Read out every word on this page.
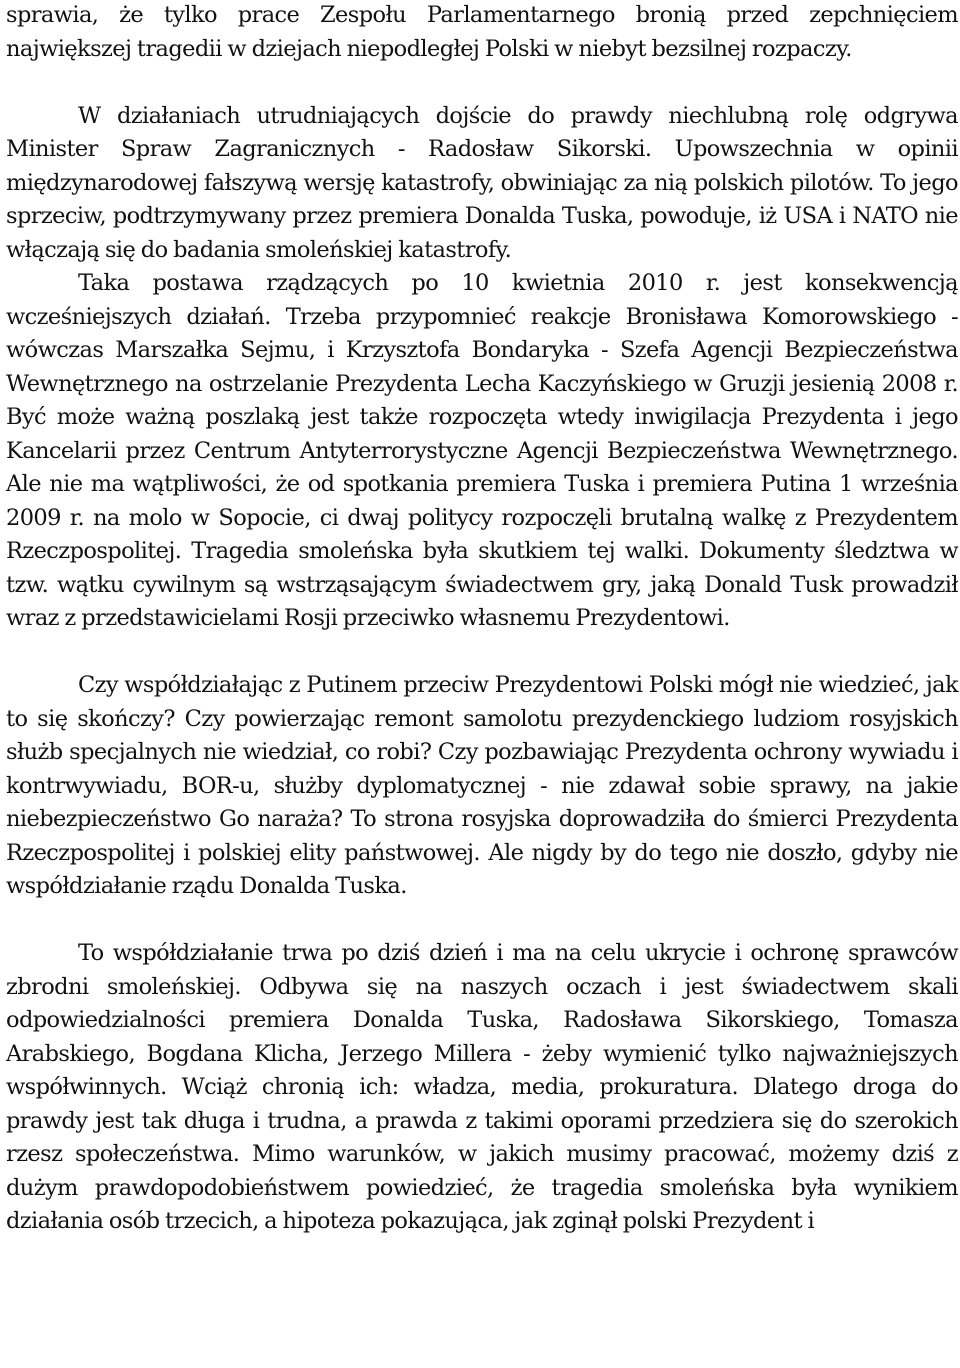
sprawia, że tylko prace Zespołu Parlamentarnego bronią przed zepchnięciem największej tragedii w dziejach niepodległej Polski w niebyt bezsilnej rozpaczy.

W działaniach utrudniających dojście do prawdy niechlubną rolę odgrywa Minister Spraw Zagranicznych - Radosław Sikorski. Upowszechnia w opinii międzynarodowej fałszywą wersję katastrofy, obwiniając za nią polskich pilotów. To jego sprzeciw, podtrzymywany przez premiera Donalda Tuska, powoduje, iż USA i NATO nie włączają się do badania smoleńskiej katastrofy.

Taka postawa rządzących po 10 kwietnia 2010 r. jest konsekwencją wcześniejszych działań. Trzeba przypomnieć reakcje Bronisława Komorowskiego - wówczas Marszałka Sejmu, i Krzysztofa Bondaryka - Szefa Agencji Bezpieczeństwa Wewnętrznego na ostrzelanie Prezydenta Lecha Kaczyńskiego w Gruzji jesienią 2008 r. Być może ważną poszlaką jest także rozpoczęta wtedy inwigilacja Prezydenta i jego Kancelarii przez Centrum Antyterrorystyczne Agencji Bezpieczeństwa Wewnętrznego. Ale nie ma wątpliwości, że od spotkania premiera Tuska i premiera Putina 1 września 2009 r. na molo w Sopocie, ci dwaj politycy rozpoczęli brutalną walkę z Prezydentem Rzeczpospolitej. Tragedia smoleńska była skutkiem tej walki. Dokumenty śledztwa w tzw. wątku cywilnym są wstrząsającym świadectwem gry, jaką Donald Tusk prowadził wraz z przedstawicielami Rosji przeciwko własnemu Prezydentowi.

Czy współdziałając z Putinem przeciw Prezydentowi Polski mógł nie wiedzieć, jak to się skończy? Czy powierzając remont samolotu prezydenckiego ludziom rosyjskich służb specjalnych nie wiedział, co robi? Czy pozbawiając Prezydenta ochrony wywiadu i kontrwywiadu, BOR-u, służby dyplomatycznej - nie zdawał sobie sprawy, na jakie niebezpieczeństwo Go naraża? To strona rosyjska doprowadziła do śmierci Prezydenta Rzeczpospolitej i polskiej elity państwowej. Ale nigdy by do tego nie doszło, gdyby nie współdziałanie rządu Donalda Tuska.

To współdziałanie trwa po dziś dzień i ma na celu ukrycie i ochronę sprawców zbrodni smoleńskiej. Odbywa się na naszych oczach i jest świadectwem skali odpowiedzialności premiera Donalda Tuska, Radosława Sikorskiego, Tomasza Arabskiego, Bogdana Klicha, Jerzego Millera - żeby wymienić tylko najważniejszych współwinnych. Wciąż chronią ich: władza, media, prokuratura. Dlatego droga do prawdy jest tak długa i trudna, a prawda z takimi oporami przedziera się do szerokich rzesz społeczeństwa. Mimo warunków, w jakich musimy pracować, możemy dziś z dużym prawdopodobieństwem powiedzieć, że tragedia smoleńska była wynikiem działania osób trzecich, a hipoteza pokazująca, jak zginął polski Prezydent i
